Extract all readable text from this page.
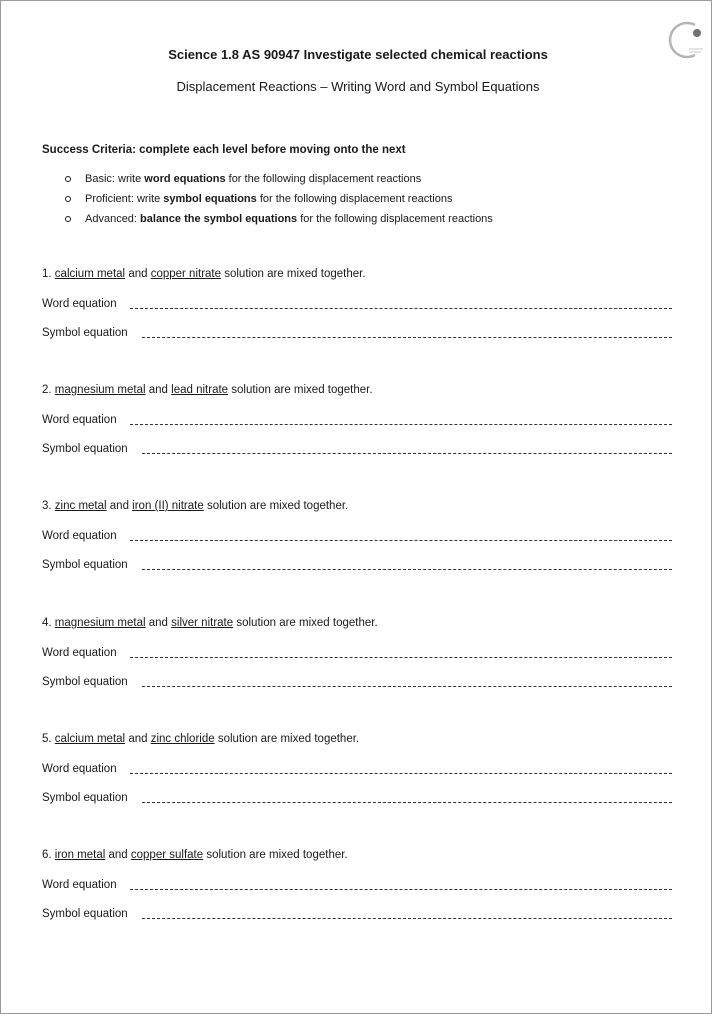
Science 1.8 AS 90947 Investigate selected chemical reactions
Displacement Reactions – Writing Word and Symbol Equations
Success Criteria: complete each level before moving onto the next
Basic: write word equations for the following displacement reactions
Proficient: write symbol equations for the following displacement reactions
Advanced: balance the symbol equations for the following displacement reactions
1. calcium metal and copper nitrate solution are mixed together.
Word equation
Symbol equation
2. magnesium metal and lead nitrate solution are mixed together.
Word equation
Symbol equation
3. zinc metal and iron (II) nitrate solution are mixed together.
Word equation
Symbol equation
4. magnesium metal and silver nitrate solution are mixed together.
Word equation
Symbol equation
5. calcium metal and zinc chloride solution are mixed together.
Word equation
Symbol equation
6. iron metal and copper sulfate solution are mixed together.
Word equation
Symbol equation
